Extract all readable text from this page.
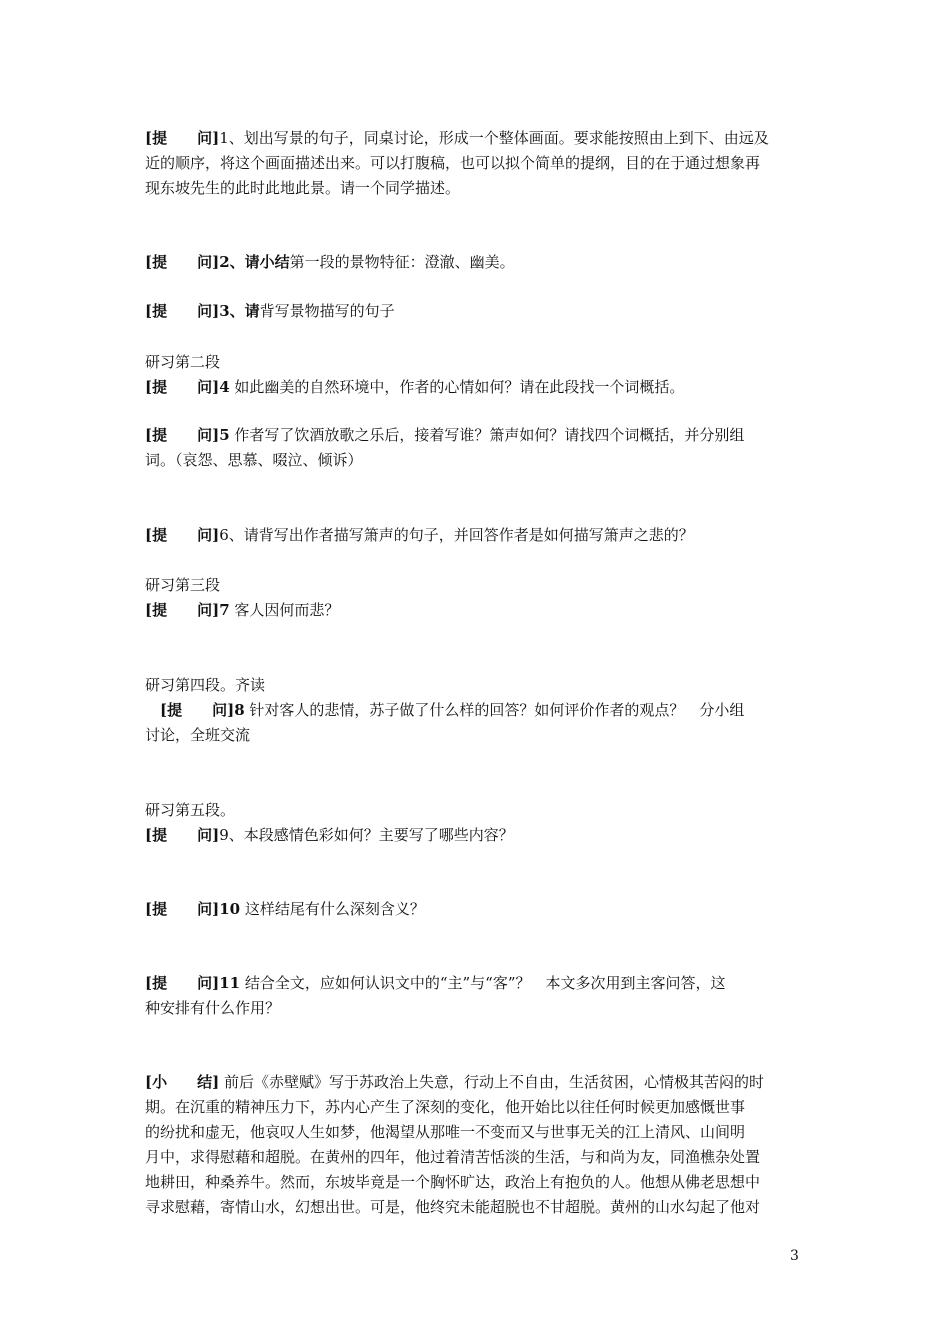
[提　　问]1、划出写景的句子，同桌讨论，形成一个整体画面。要求能按照由上到下、由远及
近的顺序，将这个画面描述出来。可以打腹稿，也可以拟个简单的提纲，目的在于通过想象再
现东坡先生的此时此地此景。请一个同学描述。
[提　　问]2、请小结第一段的景物特征：澄澈、幽美。
[提　　问]3、请背写景物描写的句子
研习第二段
[提　　问]4 如此幽美的自然环境中，作者的心情如何？请在此段找一个词概括。
[提　　问]5 作者写了饮酒放歌之乐后，接着写谁？箫声如何？请找四个词概括，并分别组
词。（哀怨、思慕、啜泣、倾诉）
[提　　问]6、请背写出作者描写箫声的句子，并回答作者是如何描写箫声之悲的？
研习第三段
[提　　问]7 客人因何而悲？
研习第四段。齐读
　[提　　问]8 针对客人的悲情，苏子做了什么样的回答？如何评价作者的观点？　分小组
讨论，全班交流
研习第五段。
[提　　问]9、本段感情色彩如何？主要写了哪些内容？
[提　　问]10 这样结尾有什么深刻含义？
[提　　问]11 结合全文，应如何认识文中的“主”与“客”？　本文多次用到主客问答，这
种安排有什么作用？
[小　　结] 前后《赤壁赋》写于苏政治上失意，行动上不自由，生活贫困，心情极其苦闷的时
期。在沉重的精神压力下，苏内心产生了深刻的变化，他开始比以往任何时候更加感慨世事
的纷扰和虚无，他哀叹人生如梦，他渴望从那唯一不变而又与世事无关的江上清风、山间明
月中，求得慰藉和超脱。在黄州的四年，他过着清苦恬淡的生活，与和尚为友，同渔樵杂处置
地耕田，种桑养牛。然而，东坡毕竟是一个胸怀旷达，政治上有抱负的人。他想从佛老思想中
寻求慰藉，寄情山水，幻想出世。可是，他终究未能超脱也不甘超脱。黄州的山水勾起了他对
3
